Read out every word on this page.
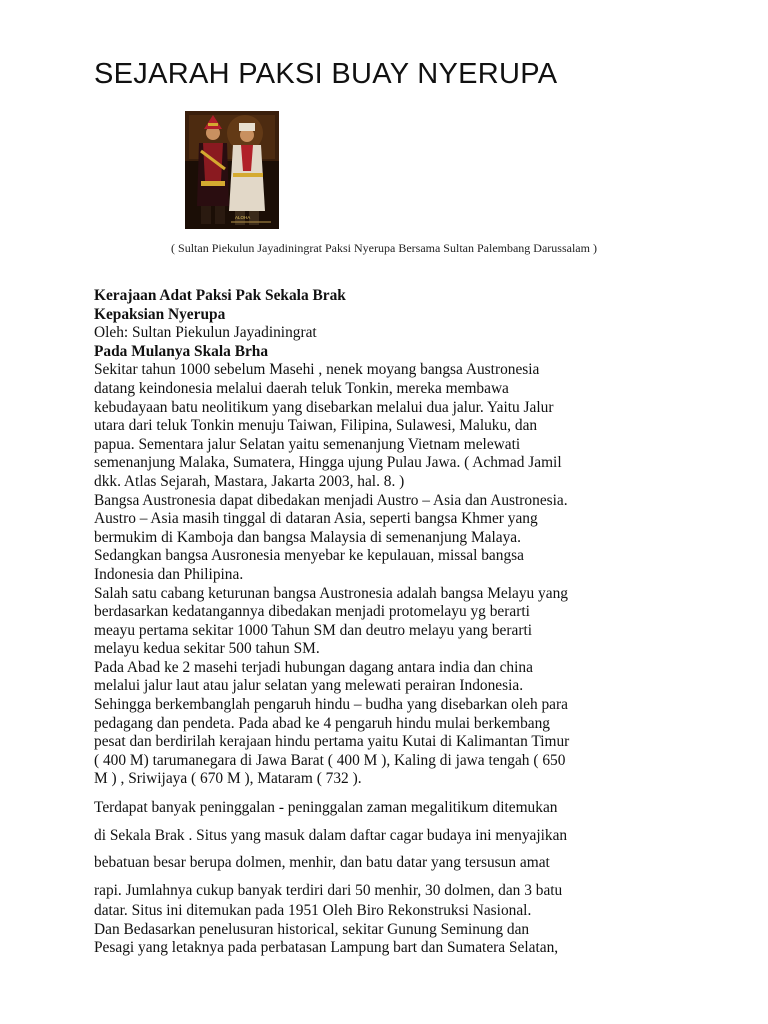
SEJARAH PAKSI BUAY NYERUPA
ALOHA
( Sultan Piekulun Jayadiningrat Paksi Nyerupa Bersama Sultan Palembang Darussalam )
Kerajaan Adat Paksi Pak Sekala Brak
Kepaksian Nyerupa
Oleh: Sultan Piekulun Jayadiningrat
Pada Mulanya Skala Brha
Sekitar tahun 1000 sebelum Masehi , nenek moyang bangsa Austronesia
datang keindonesia melalui daerah teluk Tonkin, mereka membawa
kebudayaan batu neolitikum yang disebarkan melalui dua jalur. Yaitu Jalur
utara dari teluk Tonkin menuju Taiwan, Filipina, Sulawesi, Maluku, dan
papua. Sementara jalur Selatan yaitu semenanjung Vietnam melewati
semenanjung Malaka, Sumatera, Hingga ujung Pulau Jawa. ( Achmad Jamil
dkk. Atlas Sejarah, Mastara, Jakarta 2003, hal. 8. )
Bangsa Austronesia dapat dibedakan menjadi Austro – Asia dan Austronesia.
Austro – Asia masih tinggal di dataran Asia, seperti bangsa Khmer yang
bermukim di Kamboja dan bangsa Malaysia di semenanjung Malaya.
Sedangkan bangsa Ausronesia menyebar ke kepulauan, missal bangsa
Indonesia dan Philipina.
Salah satu cabang keturunan bangsa Austronesia adalah bangsa Melayu yang
berdasarkan kedatangannya dibedakan menjadi protomelayu yg berarti
meayu pertama sekitar 1000 Tahun SM dan deutro melayu yang berarti
melayu kedua sekitar 500 tahun SM.
Pada Abad ke 2 masehi terjadi hubungan dagang antara india dan china
melalui jalur laut atau jalur selatan yang melewati perairan Indonesia.
Sehingga berkembanglah pengaruh hindu – budha yang disebarkan oleh para
pedagang dan pendeta. Pada abad ke 4 pengaruh hindu mulai berkembang
pesat dan berdirilah kerajaan hindu pertama yaitu Kutai di Kalimantan Timur
( 400 M) tarumanegara di Jawa Barat ( 400 M ), Kaling di jawa tengah ( 650
M ) , Sriwijaya ( 670 M ), Mataram ( 732 ).
Terdapat banyak peninggalan - peninggalan zaman megalitikum ditemukan
di Sekala Brak . Situs yang masuk dalam daftar cagar budaya ini menyajikan
bebatuan besar berupa dolmen, menhir, dan batu datar yang tersusun amat
rapi. Jumlahnya cukup banyak terdiri dari 50 menhir, 30 dolmen, dan 3 batu
datar. Situs ini ditemukan pada 1951 Oleh Biro Rekonstruksi Nasional.
Dan Bedasarkan penelusuran historical, sekitar Gunung Seminung dan
Pesagi yang letaknya pada perbatasan Lampung bart dan Sumatera Selatan,
